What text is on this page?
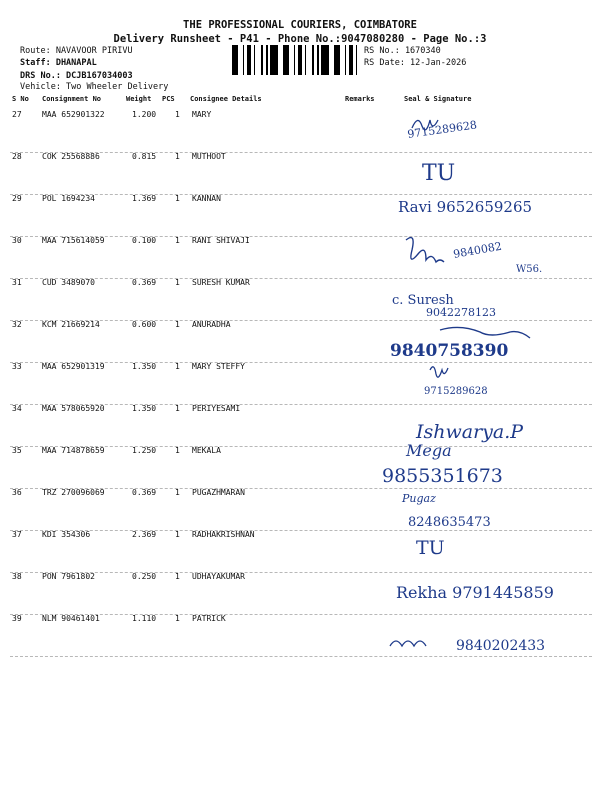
THE PROFESSIONAL COURIERS, COIMBATORE
Delivery Runsheet - P41 - Phone No.:9047080280 - Page No.:3
Route: NAVAVOOR PIRIVU
Staff: DHANAPAL
DRS No.: DCJB167034003
Vehicle: Two Wheeler Delivery
RS No.: 1670340
RS Date: 12-Jan-2026
S No Consignment No	Weight PCS Consignee Details	Remarks	Seal & Signature
27	MAA 652901322	1.200 1 MARY
9715289628
28	COK 25568886	0.815 1 MUTHOOT
TU
29	POL 1694234	1.369 1 KANNAN	Ravi 9652659265
30	MAA 715614059	0.100 1 RANI SHIVAJI	9840082
W56.
31	CUD 3489070	0.369 1 SURESH KUMAR
c. Suresh
9042278123
32	KCM 21669214	0.600 1 ANURADHA
9840758390
33	MAA 652901319	1.350 1 MARY STEFFY
9715289628
34	MAA 578065920	1.350 1 PERIYESAMI
Ishwarya.P
35	MAA 714878659	1.250 1 MEKALA	Mega
9855351673
36	TRZ 270096069	0.369 1 PUGAZHMARAN	Pugaz
8248635473
37	KDI 354306	2.369 1 RADHAKRISHNAN
TU
38	PON 7961802	0.250 1 UDHAYAKUMAR
Rekha 9791445859
39	NLM 90461401	1.110 1 PATRICK
9840202433
